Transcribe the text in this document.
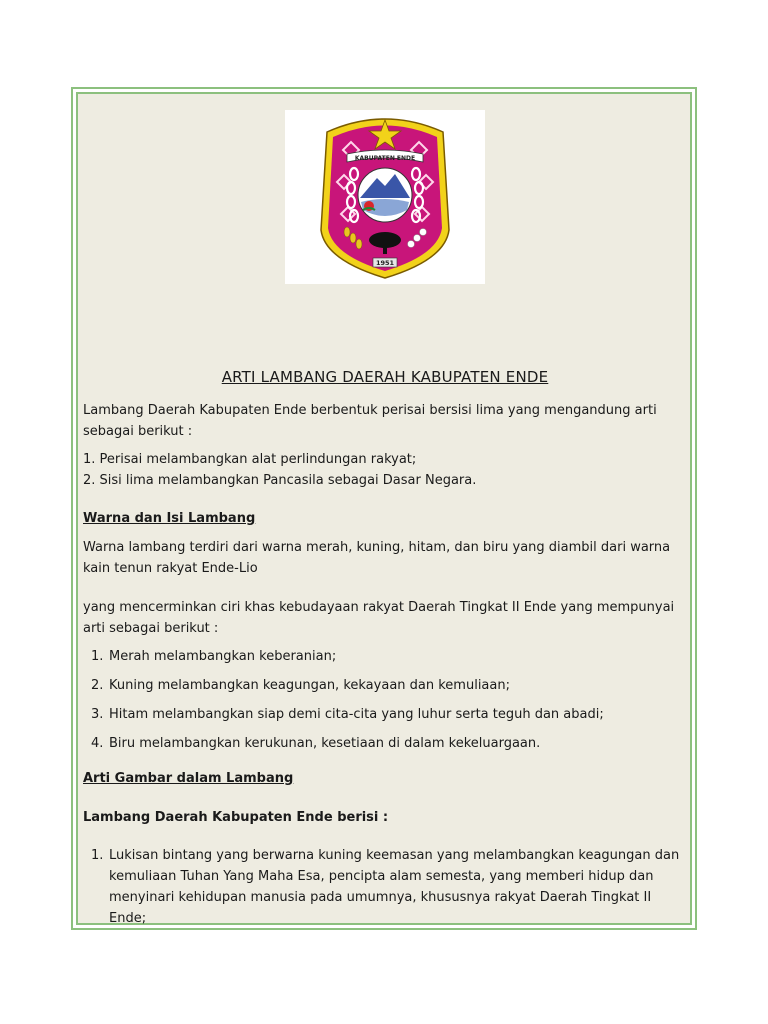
KABUPATEN ENDE
1951
ARTI LAMBANG DAERAH KABUPATEN ENDE
Lambang Daerah Kabupaten Ende berbentuk perisai bersisi lima yang mengandung arti sebagai berikut :
1. Perisai melambangkan alat perlindungan rakyat;
2. Sisi lima melambangkan Pancasila sebagai Dasar Negara.
Warna dan Isi Lambang
Warna lambang terdiri dari warna merah, kuning, hitam, dan biru yang diambil dari warna kain tenun rakyat Ende-Lio
yang mencerminkan ciri khas kebudayaan rakyat Daerah Tingkat II Ende yang mempunyai arti sebagai berikut :
1. Merah melambangkan keberanian;
2. Kuning melambangkan keagungan, kekayaan dan kemuliaan;
3. Hitam melambangkan siap demi cita-cita yang luhur serta teguh dan abadi;
4. Biru melambangkan kerukunan, kesetiaan di dalam kekeluargaan.
Arti Gambar dalam Lambang
Lambang Daerah Kabupaten Ende berisi :
1. Lukisan bintang yang berwarna kuning keemasan yang melambangkan keagungan dan kemuliaan Tuhan Yang Maha Esa, pencipta alam semesta, yang memberi hidup dan menyinari kehidupan manusia pada umumnya, khususnya rakyat Daerah Tingkat II Ende;
